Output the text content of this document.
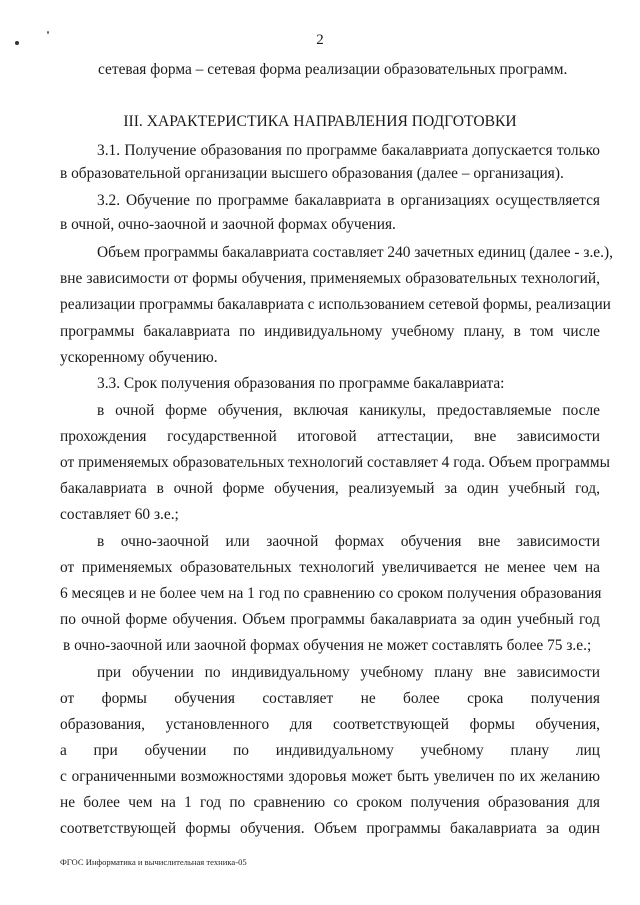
2
сетевая форма – сетевая форма реализации образовательных программ.
III. ХАРАКТЕРИСТИКА НАПРАВЛЕНИЯ ПОДГОТОВКИ
3.1. Получение образования по программе бакалавриата допускается только
в образовательной организации высшего образования (далее – организация).
3.2. Обучение по программе бакалавриата в организациях осуществляется
в очной, очно-заочной и заочной формах обучения.
Объем программы бакалавриата составляет 240 зачетных единиц (далее - з.е.),
вне зависимости от формы обучения, применяемых образовательных технологий,
реализации программы бакалавриата с использованием сетевой формы, реализации
программы бакалавриата по индивидуальному учебному плану, в том числе
ускоренному обучению.
3.3. Срок получения образования по программе бакалавриата:
в очной форме обучения, включая каникулы, предоставляемые после
прохождения государственной итоговой аттестации, вне зависимости
от применяемых образовательных технологий составляет 4 года. Объем программы
бакалавриата в очной форме обучения, реализуемый за один учебный год,
составляет 60 з.е.;
в очно-заочной или заочной формах обучения вне зависимости
от применяемых образовательных технологий увеличивается не менее чем на
6 месяцев и не более чем на 1 год по сравнению со сроком получения образования
по очной форме обучения. Объем программы бакалавриата за один учебный год
в очно-заочной или заочной формах обучения не может составлять более 75 з.е.;
при обучении по индивидуальному учебному плану вне зависимости
от формы обучения составляет не более срока получения
образования, установленного для соответствующей формы обучения,
а при обучении по индивидуальному учебному плану лиц
с ограниченными возможностями здоровья может быть увеличен по их желанию
не более чем на 1 год по сравнению со сроком получения образования для
соответствующей формы обучения. Объем программы бакалавриата за один
ФГОС Информатика и вычислительная техника-05
